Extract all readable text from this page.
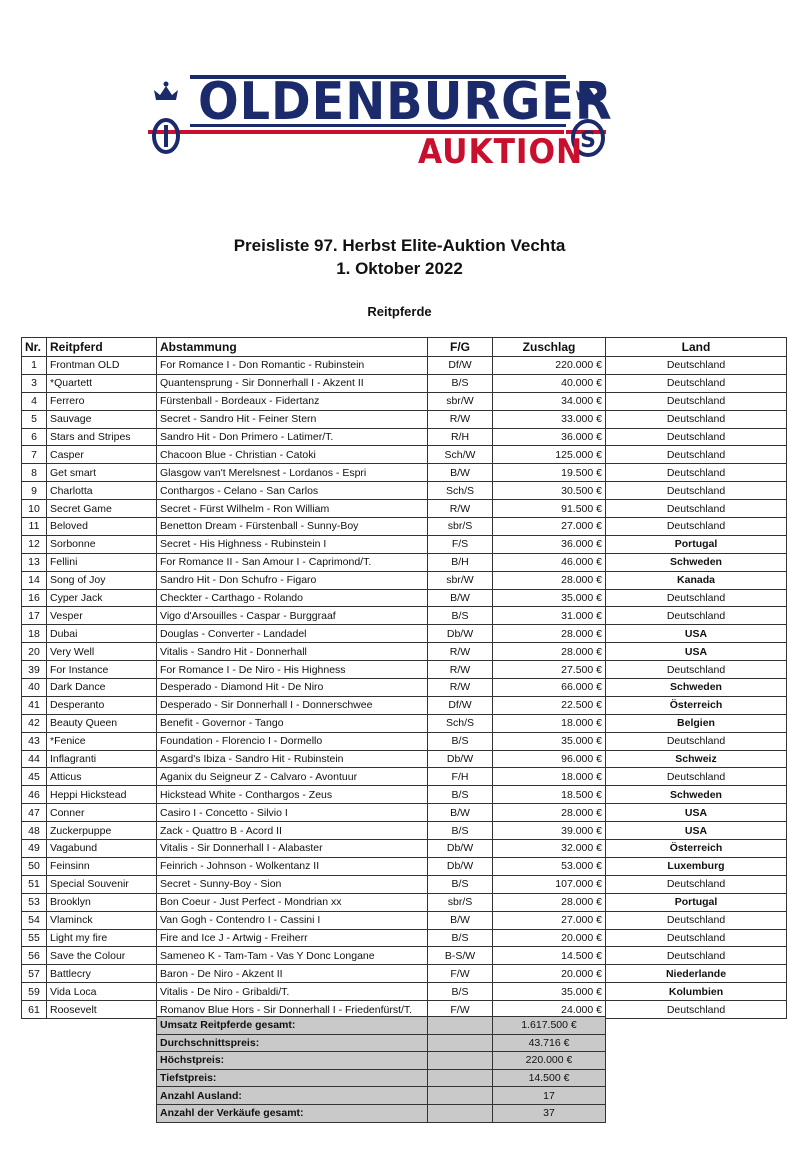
S
OLDENBURGER
AUKTION
Preisliste 97. Herbst Elite-Auktion Vechta
1. Oktober 2022
Reitpferde
Nr.	Reitpferd	Abstammung	F/G	Zuschlag	Land
1	Frontman OLD	For Romance I - Don Romantic - Rubinstein	Df/W	220.000 €	Deutschland
3	*Quartett	Quantensprung - Sir Donnerhall I - Akzent II	B/S	40.000 €	Deutschland
4	Ferrero	Fürstenball - Bordeaux - Fidertanz	sbr/W	34.000 €	Deutschland
5	Sauvage	Secret - Sandro Hit - Feiner Stern	R/W	33.000 €	Deutschland
6	Stars and Stripes	Sandro Hit - Don Primero - Latimer/T.	R/H	36.000 €	Deutschland
7	Casper	Chacoon Blue - Christian - Catoki	Sch/W	125.000 €	Deutschland
8	Get smart	Glasgow van't Merelsnest - Lordanos - Espri	B/W	19.500 €	Deutschland
9	Charlotta	Conthargos - Celano - San Carlos	Sch/S	30.500 €	Deutschland
10	Secret Game	Secret - Fürst Wilhelm - Ron William	R/W	91.500 €	Deutschland
11	Beloved	Benetton Dream - Fürstenball - Sunny-Boy	sbr/S	27.000 €	Deutschland
12	Sorbonne	Secret - His Highness - Rubinstein I	F/S	36.000 €	Portugal
13	Fellini	For Romance II - San Amour I - Caprimond/T.	B/H	46.000 €	Schweden
14	Song of Joy	Sandro Hit - Don Schufro - Figaro	sbr/W	28.000 €	Kanada
16	Cyper Jack	Checkter - Carthago - Rolando	B/W	35.000 €	Deutschland
17	Vesper	Vigo d'Arsouilles - Caspar - Burggraaf	B/S	31.000 €	Deutschland
18	Dubai	Douglas - Converter - Landadel	Db/W	28.000 €	USA
20	Very Well	Vitalis - Sandro Hit - Donnerhall	R/W	28.000 €	USA
39	For Instance	For Romance I - De Niro - His Highness	R/W	27.500 €	Deutschland
40	Dark Dance	Desperado - Diamond Hit - De Niro	R/W	66.000 €	Schweden
41	Desperanto	Desperado - Sir Donnerhall I - Donnerschwee	Df/W	22.500 €	Österreich
42	Beauty Queen	Benefit - Governor - Tango	Sch/S	18.000 €	Belgien
43	*Fenice	Foundation - Florencio I - Dormello	B/S	35.000 €	Deutschland
44	Inflagranti	Asgard's Ibiza - Sandro Hit - Rubinstein	Db/W	96.000 €	Schweiz
45	Atticus	Aganix du Seigneur Z - Calvaro - Avontuur	F/H	18.000 €	Deutschland
46	Heppi Hickstead	Hickstead White - Conthargos - Zeus	B/S	18.500 €	Schweden
47	Conner	Casiro I - Concetto - Silvio I	B/W	28.000 €	USA
48	Zuckerpuppe	Zack - Quattro B - Acord II	B/S	39.000 €	USA
49	Vagabund	Vitalis - Sir Donnerhall I - Alabaster	Db/W	32.000 €	Österreich
50	Feinsinn	Feinrich - Johnson - Wolkentanz II	Db/W	53.000 €	Luxemburg
51	Special Souvenir	Secret - Sunny-Boy - Sion	B/S	107.000 €	Deutschland
53	Brooklyn	Bon Coeur - Just Perfect - Mondrian xx	sbr/S	28.000 €	Portugal
54	Vlaminck	Van Gogh - Contendro I - Cassini I	B/W	27.000 €	Deutschland
55	Light my fire	Fire and Ice J - Artwig - Freiherr	B/S	20.000 €	Deutschland
56	Save the Colour	Sameneo K - Tam-Tam - Vas Y Donc Longane	B-S/W	14.500 €	Deutschland
57	Battlecry	Baron - De Niro - Akzent II	F/W	20.000 €	Niederlande
59	Vida Loca	Vitalis - De Niro - Gribaldi/T.	B/S	35.000 €	Kolumbien
61	Roosevelt	Romanov Blue Hors - Sir Donnerhall I - Friedenfürst/T.	F/W	24.000 €	Deutschland
Umsatz Reitpferde gesamt:		1.617.500 €
Durchschnittspreis:		43.716 €
Höchstpreis:		220.000 €
Tiefstpreis:		14.500 €
Anzahl Ausland:		17
Anzahl der Verkäufe gesamt:		37
